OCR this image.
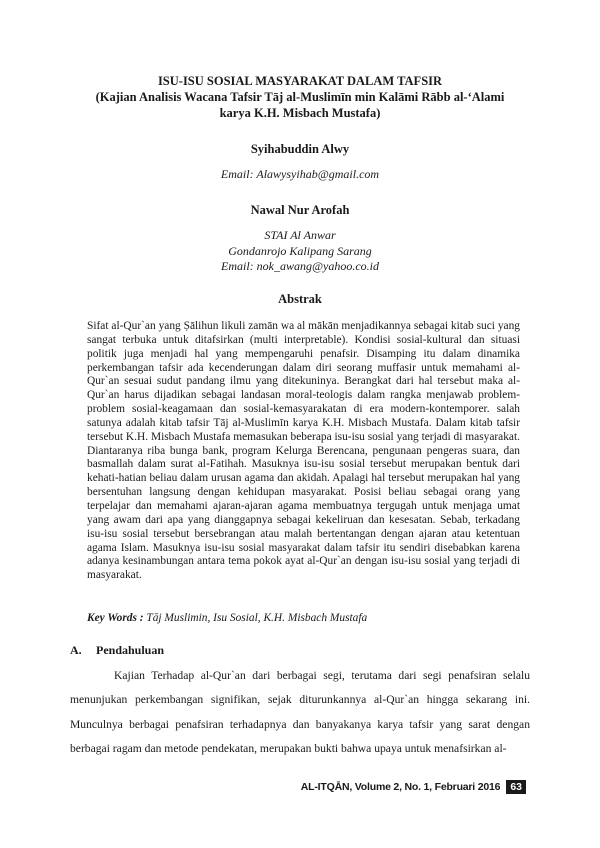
ISU-ISU SOSIAL MASYARAKAT DALAM TAFSIR
(Kajian Analisis Wacana Tafsir Tāj al-Muslimīn min Kalāmi Rābb al-‘Alami
karya K.H. Misbach Mustafa)
Syihabuddin Alwy
Email: Alawysyihab@gmail.com
Nawal Nur Arofah
STAI Al Anwar
Gondanrojo Kalipang Sarang
Email: nok_awang@yahoo.co.id
Abstrak

Sifat al-Qur`an yang Ṣālihun likuli zamān wa al mākān menjadikannya sebagai kitab suci yang sangat terbuka untuk ditafsirkan (multi interpretable). Kondisi sosial-kultural dan situasi politik juga menjadi hal yang mempengaruhi penafsir. Disamping itu dalam dinamika perkembangan tafsir ada kecenderungan dalam diri seorang muffasir untuk memahami al-Qur`an sesuai sudut pandang ilmu yang ditekuninya. Berangkat dari hal tersebut maka al-Qur`an harus dijadikan sebagai landasan moral-teologis dalam rangka menjawab problem-problem sosial-keagamaan dan sosial-kemasyarakatan di era modern-kontemporer. salah satunya adalah kitab tafsir Tāj al-Muslimīn karya K.H. Misbach Mustafa. Dalam kitab tafsir tersebut K.H. Misbach Mustafa memasukan beberapa isu-isu sosial yang terjadi di masyarakat. Diantaranya riba bunga bank, program Kelurga Berencana, pengunaan pengeras suara, dan basmallah dalam surat al-Fatihah. Masuknya isu-isu sosial tersebut merupakan bentuk dari kehati-hatian beliau dalam urusan agama dan akidah. Apalagi hal tersebut merupakan hal yang bersentuhan langsung dengan kehidupan masyarakat. Posisi beliau sebagai orang yang terpelajar dan memahami ajaran-ajaran agama membuatnya tergugah untuk menjaga umat yang awam dari apa yang dianggapnya sebagai kekeliruan dan kesesatan. Sebab, terkadang isu-isu sosial tersebut bersebrangan atau malah bertentangan dengan ajaran atau ketentuan agama Islam. Masuknya isu-isu sosial masyarakat dalam tafsir itu sendiri disebabkan karena adanya kesinambungan antara tema pokok ayat al-Qur`an dengan isu-isu sosial yang terjadi di masyarakat.

Key Words : Tāj Muslimin, Isu Sosial, K.H. Misbach Mustafa
A. Pendahuluan

Kajian Terhadap al-Qur`an dari berbagai segi, terutama dari segi penafsiran selalu menunjukan perkembangan signifikan, sejak diturunkannya al-Qur`an hingga sekarang ini. Munculnya berbagai penafsiran terhadapnya dan banyakanya karya tafsir yang sarat dengan berbagai ragam dan metode pendekatan, merupakan bukti bahwa upaya untuk menafsirkan al-

AL-ITQĀN, Volume 2, No. 1, Februari 2016 63
